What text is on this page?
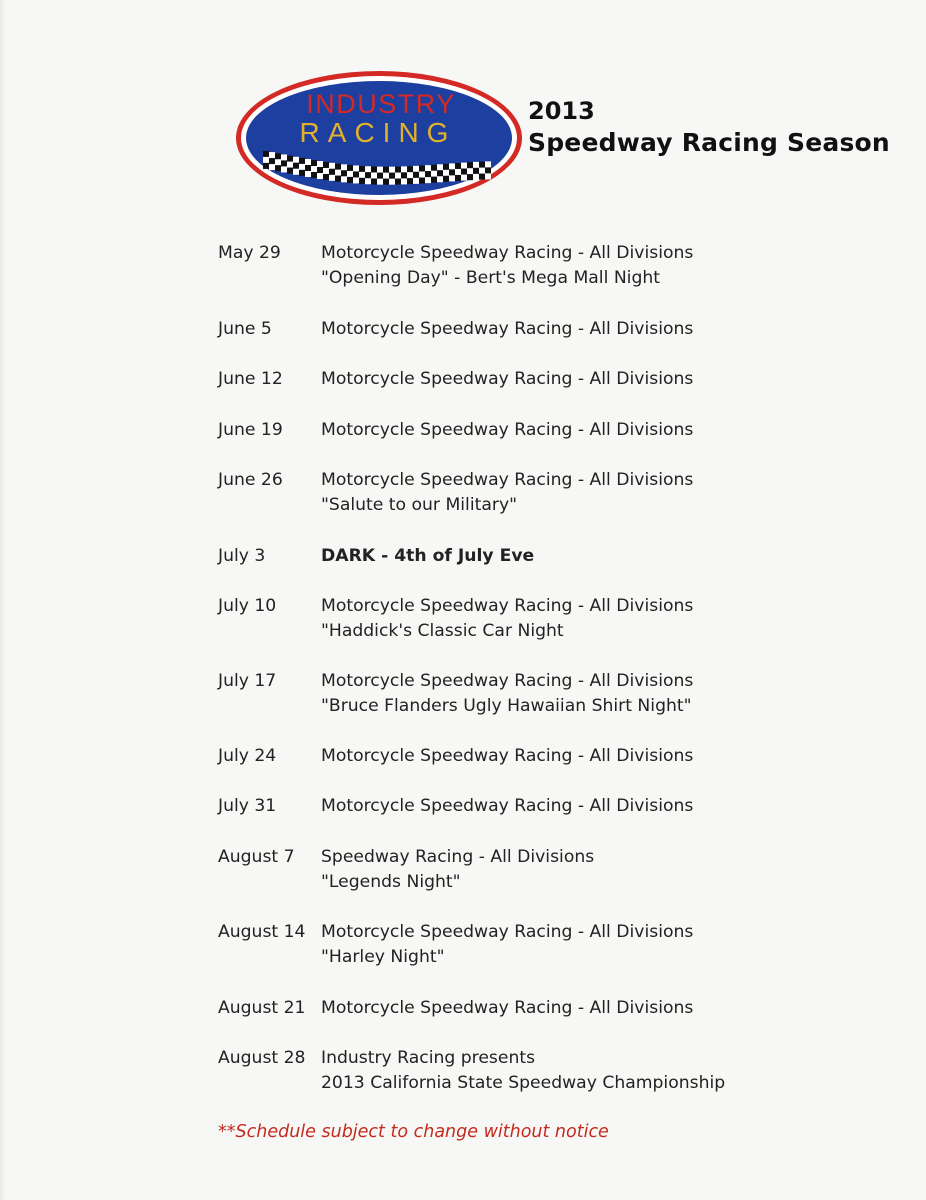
INDUSTRY
RACING
2013
Speedway Racing Season
May 29	Motorcycle Speedway Racing - All Divisions
"Opening Day" - Bert's Mega Mall Night
June 5	Motorcycle Speedway Racing - All Divisions
June 12	Motorcycle Speedway Racing - All Divisions
June 19	Motorcycle Speedway Racing - All Divisions
June 26	Motorcycle Speedway Racing - All Divisions
"Salute to our Military"
July 3	DARK - 4th of July Eve
July 10	Motorcycle Speedway Racing - All Divisions
"Haddick's Classic Car Night
July 17	Motorcycle Speedway Racing - All Divisions
"Bruce Flanders Ugly Hawaiian Shirt Night"
July 24	Motorcycle Speedway Racing - All Divisions
July 31	Motorcycle Speedway Racing - All Divisions
August 7	Speedway Racing - All Divisions
"Legends Night"
August 14 Motorcycle Speedway Racing - All Divisions
"Harley Night"
August 21 Motorcycle Speedway Racing - All Divisions
August 28 Industry Racing presents
2013 California State Speedway Championship
**Schedule subject to change without notice
